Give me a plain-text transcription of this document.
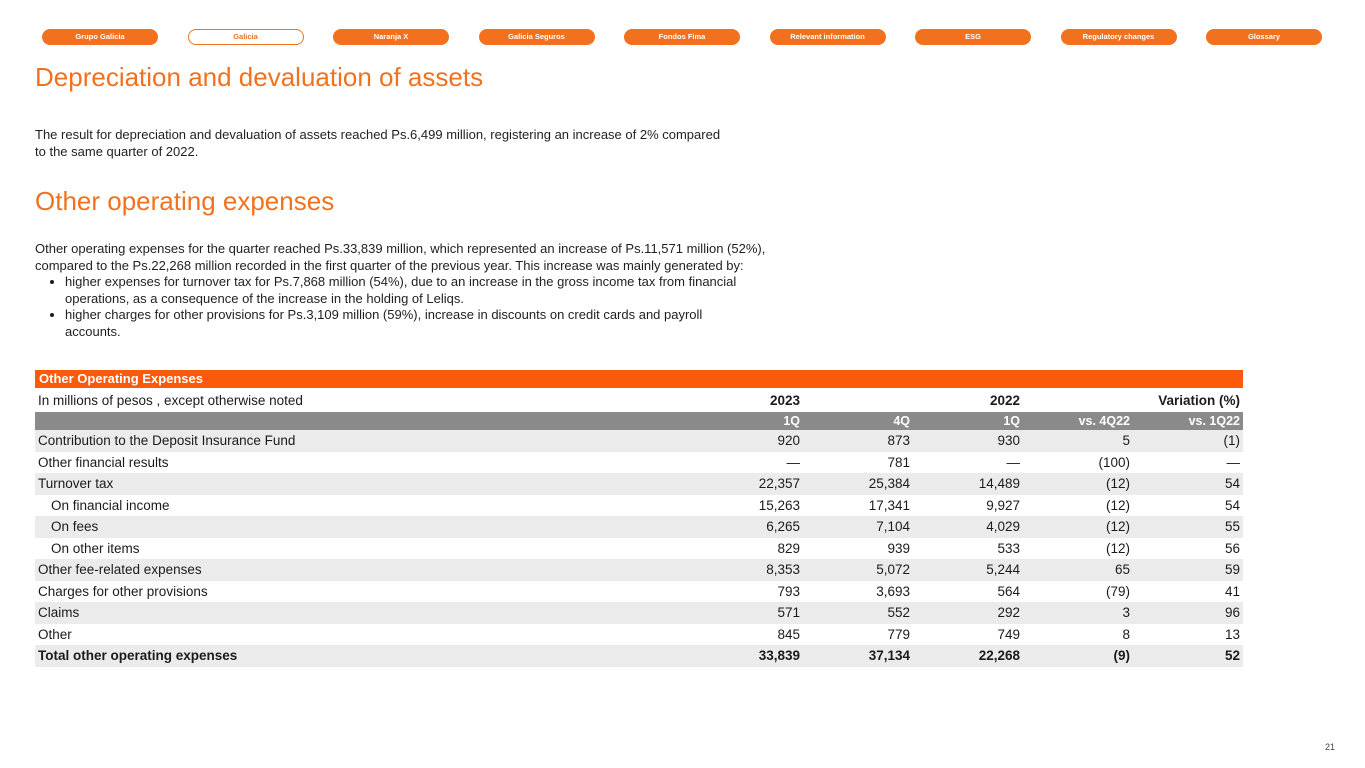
Grupo Galicia	Galicia	Naranja X	Galicia Seguros	Fondos Fima	Relevant information	ESG	Regulatory changes	Glossary
Depreciation and devaluation of assets

The result for depreciation and devaluation of assets reached Ps.6,499 million, registering an increase of 2% compared to the same quarter of 2022.

Other operating expenses

Other operating expenses for the quarter reached Ps.33,839 million, which represented an increase of Ps.11,571 million (52%), compared to the Ps.22,268 million recorded in the first quarter of the previous year. This increase was mainly generated by:

• higher expenses for turnover tax for Ps.7,868 million (54%), due to an increase in the gross income tax from financial operations, as a consequence of the increase in the holding of Leliqs.
• higher charges for other provisions for Ps.3,109 million (59%), increase in discounts on credit cards and payroll accounts.
Other Operating Expenses
In millions of pesos , except otherwise noted	2023		2022		Variation (%)
	1Q	4Q	1Q	vs. 4Q22	vs. 1Q22
Contribution to the Deposit Insurance Fund	920	873	930	5	(1)
Other financial results	—	781	—	(100)	—
Turnover tax	22,357	25,384	14,489	(12)	54
On financial income	15,263	17,341	9,927	(12)	54
On fees	6,265	7,104	4,029	(12)	55
On other items	829	939	533	(12)	56
Other fee-related expenses	8,353	5,072	5,244	65	59
Charges for other provisions	793	3,693	564	(79)	41
Claims	571	552	292	3	96
Other	845	779	749	8	13
Total other operating expenses	33,839	37,134	22,268	(9)	52
21
